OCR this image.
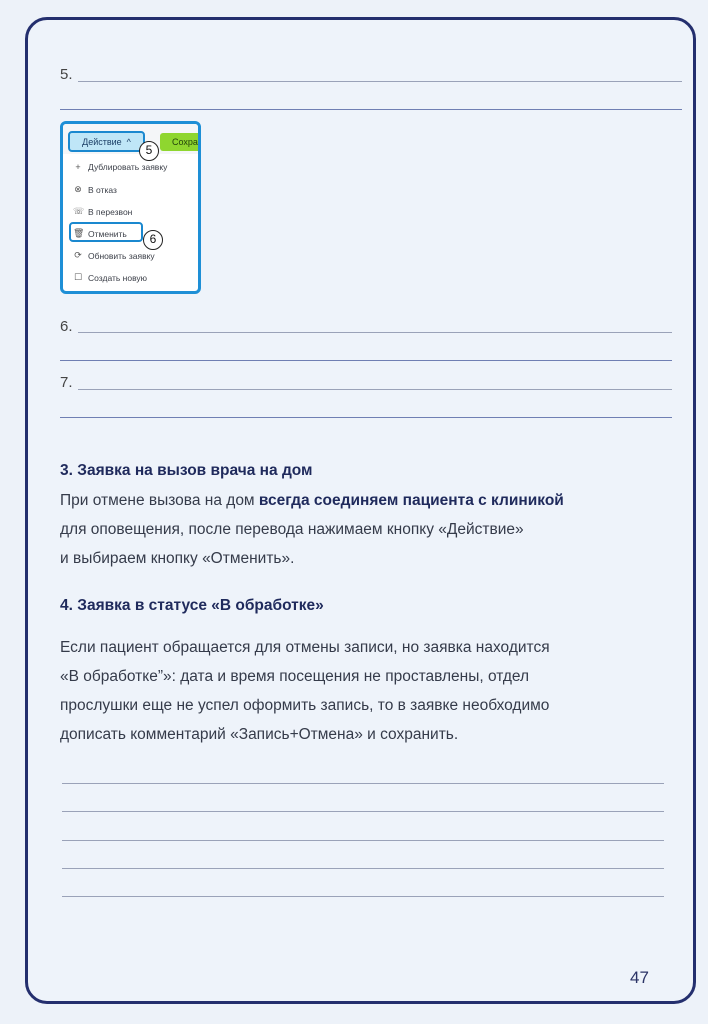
5.
Сохра
Действие ^
+ Дублировать заявку
⊗ В отказ
☏ В перезвон
🗑 Отменить
⟳ Обновить заявку
☐ Создать новую
5
6
6.
7.
3. Заявка на вызов врача на дом
При отмене вызова на дом всегда соединяем пациента с клиникой
для оповещения, после перевода нажимаем кнопку «Действие»
и выбираем кнопку «Отменить».
4. Заявка в статусе «В обработке»
Если пациент обращается для отмены записи, но заявка находится
«В обработке”»: дата и время посещения не проставлены, отдел
прослушки еще не успел оформить запись, то в заявке необходимо
дописать комментарий «Запись+Отмена» и сохранить.
47
